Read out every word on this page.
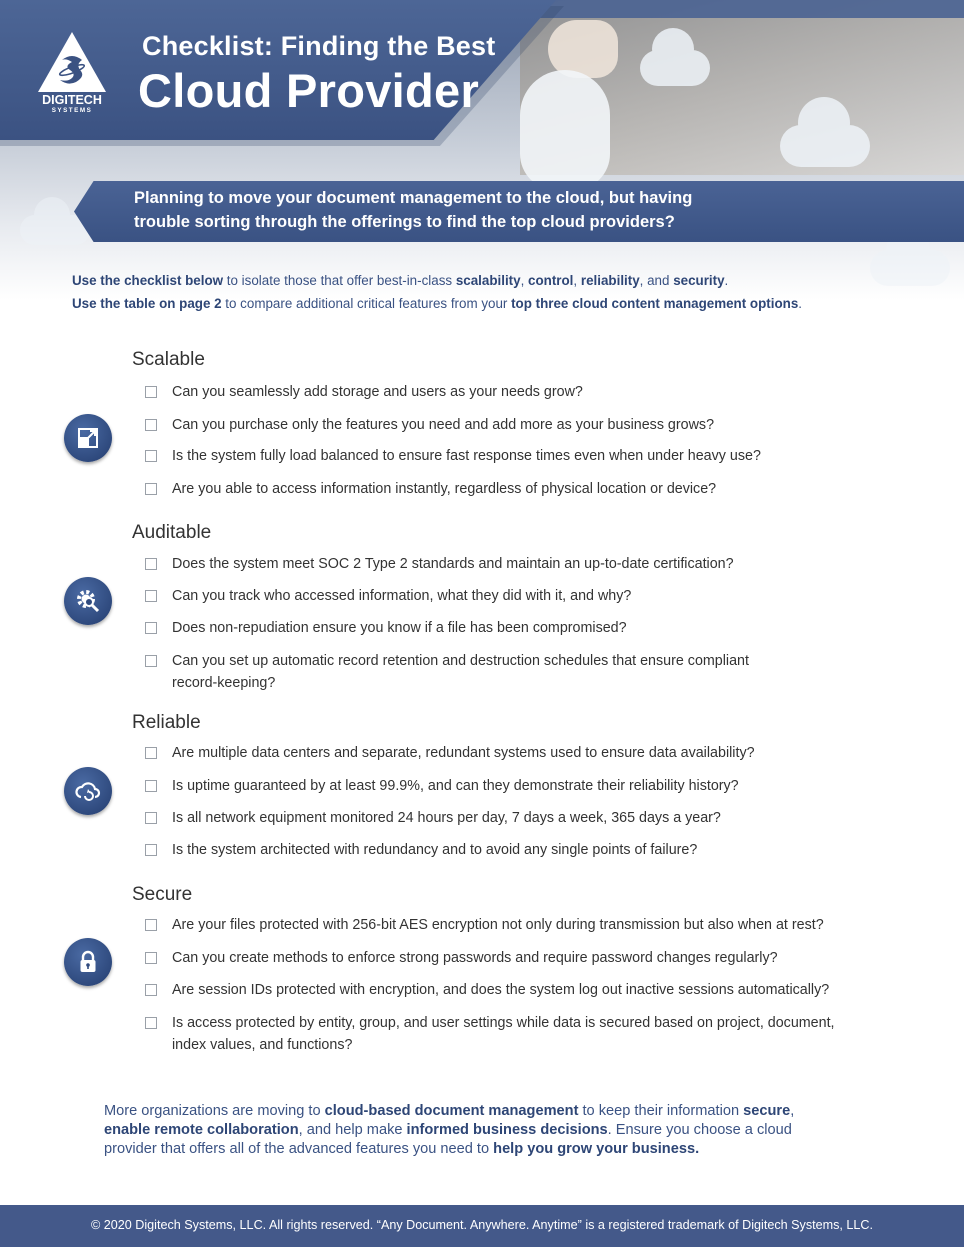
DIGITECH
SYSTEMS
Checklist: Finding the Best
Cloud Provider
Planning to move your document management to the cloud, but having
trouble sorting through the offerings to find the top cloud providers?
Use the checklist below to isolate those that offer best-in-class scalability, control, reliability, and security.
Use the table on page 2 to compare additional critical features from your top three cloud content management options.
Scalable
Can you seamlessly add storage and users as your needs grow?
Can you purchase only the features you need and add more as your business grows?
Is the system fully load balanced to ensure fast response times even when under heavy use?
Are you able to access information instantly, regardless of physical location or device?
Auditable
Does the system meet SOC 2 Type 2 standards and maintain an up-to-date certification?
Can you track who accessed information, what they did with it, and why?
Does non-repudiation ensure you know if a file has been compromised?
Can you set up automatic record retention and destruction schedules that ensure compliant
record-keeping?
Reliable
Are multiple data centers and separate, redundant systems used to ensure data availability?
Is uptime guaranteed by at least 99.9%, and can they demonstrate their reliability history?
Is all network equipment monitored 24 hours per day, 7 days a week, 365 days a year?
Is the system architected with redundancy and to avoid any single points of failure?
Secure
Are your files protected with 256-bit AES encryption not only during transmission but also when at rest?
Can you create methods to enforce strong passwords and require password changes regularly?
Are session IDs protected with encryption, and does the system log out inactive sessions automatically?
Is access protected by entity, group, and user settings while data is secured based on project, document,
index values, and functions?
More organizations are moving to cloud-based document management to keep their information secure,
enable remote collaboration, and help make informed business decisions. Ensure you choose a cloud
provider that offers all of the advanced features you need to help you grow your business.
© 2020 Digitech Systems, LLC. All rights reserved. “Any Document. Anywhere. Anytime” is a registered trademark of Digitech Systems, LLC.
